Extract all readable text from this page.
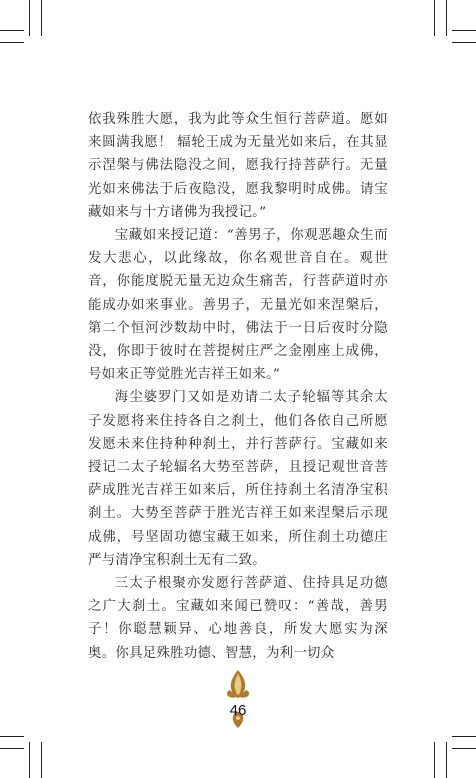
依我殊胜大愿，我为此等众生恒行菩萨道。愿如来圆满我愿！ 辐轮王成为无量光如来后，在其显示涅槃与佛法隐没之间，愿我行持菩萨行。无量光如来佛法于后夜隐没，愿我黎明时成佛。请宝藏如来与十方诸佛为我授记。”

宝藏如来授记道：“善男子，你观恶趣众生而发大悲心，以此缘故，你名观世音自在。观世音，你能度脱无量无边众生痛苦，行菩萨道时亦能成办如来事业。善男子，无量光如来涅槃后，第二个恒河沙数劫中时，佛法于一日后夜时分隐没，你即于彼时在菩提树庄严之金刚座上成佛，号如来正等觉胜光吉祥王如来。”

海尘婆罗门又如是劝请二太子轮辐等其余太子发愿将来住持各自之刹土，他们各依自己所愿发愿未来住持种种刹土，并行菩萨行。宝藏如来授记二太子轮辐名大势至菩萨，且授记观世音菩萨成胜光吉祥王如来后，所住持刹土名清净宝积刹土。大势至菩萨于胜光吉祥王如来涅槃后示现成佛，号坚固功德宝藏王如来，所住刹土功德庄严与清净宝积刹土无有二致。

三太子根聚亦发愿行菩萨道、住持具足功德之广大刹土。宝藏如来闻已赞叹：“善哉，善男子！你聪慧颖异、心地善良，所发大愿实为深奥。你具足殊胜功德、智慧，为利一切众

46
